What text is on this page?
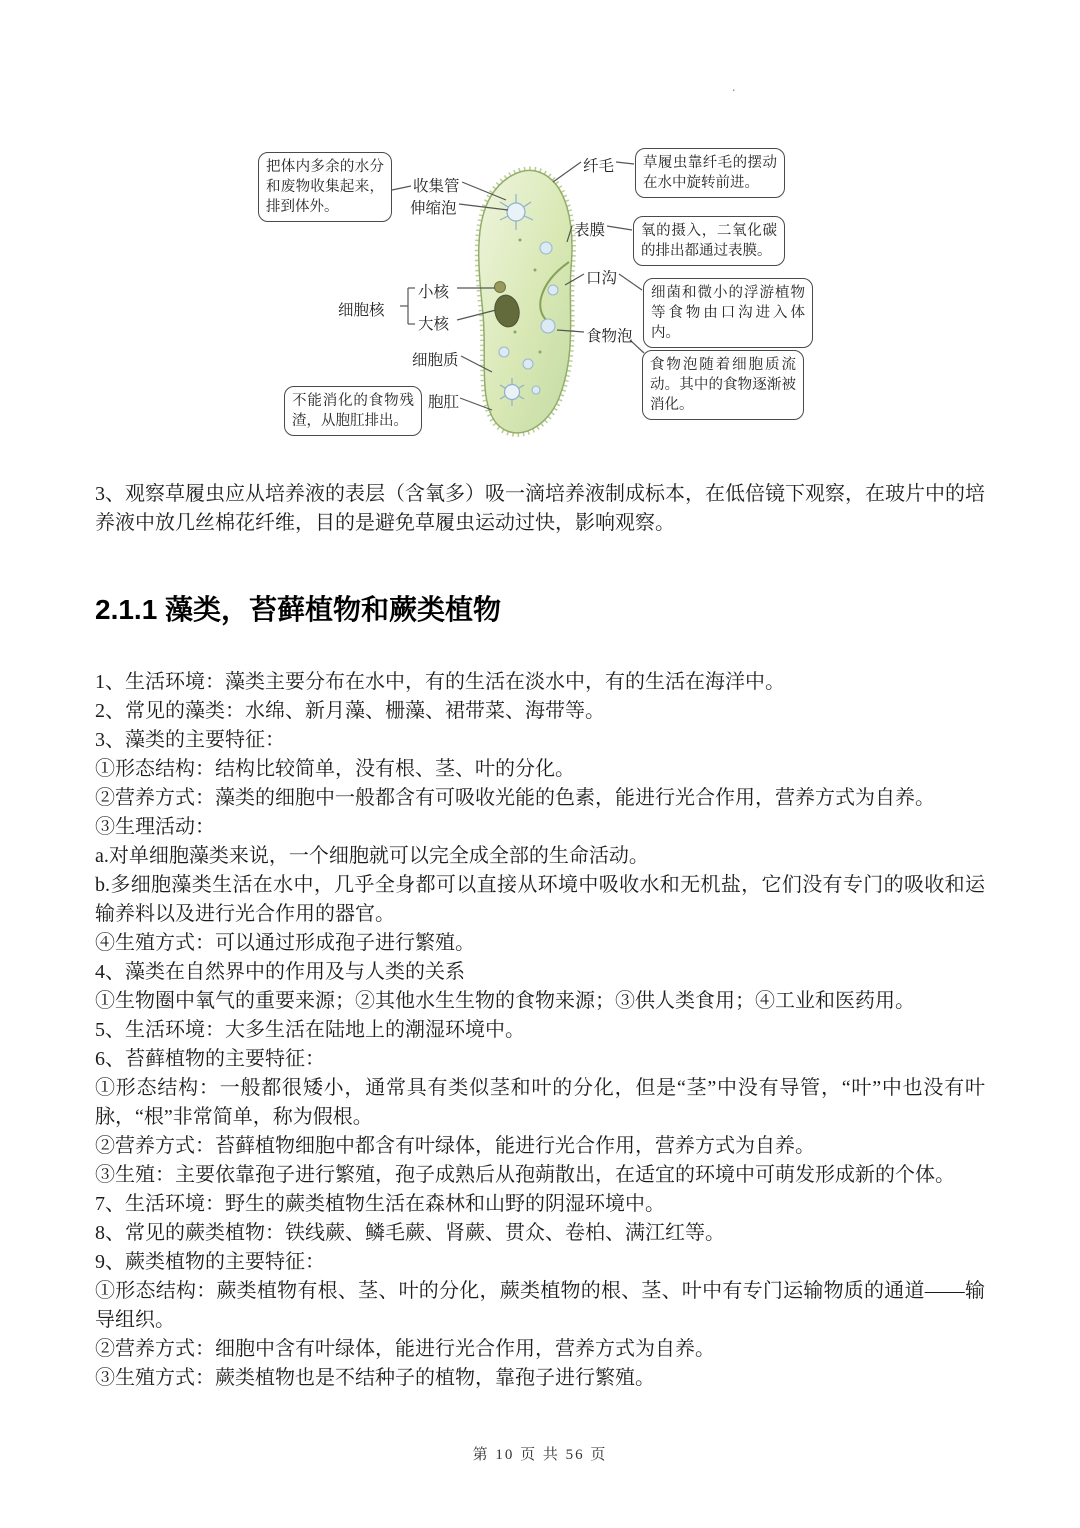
.
把体内多余的水分和废物收集起来，排到体外。
草履虫靠纤毛的摆动在水中旋转前进。
氧的摄入，二氧化碳的排出都通过表膜。
细菌和微小的浮游植物等食物由口沟进入体内。
食物泡随着细胞质流动。其中的食物逐渐被消化。
不能消化的食物残渣，从胞肛排出。
收集管
伸缩泡
纤毛
表膜
口沟
细胞核
小核
大核
食物泡
细胞质
胞肛

3、观察草履虫应从培养液的表层（含氧多）吸一滴培养液制成标本，在低倍镜下观察，在玻片中的培养液中放几丝棉花纤维，目的是避免草履虫运动过快，影响观察。

2.1.1 藻类，苔藓植物和蕨类植物

1、生活环境：藻类主要分布在水中，有的生活在淡水中，有的生活在海洋中。

2、常见的藻类：水绵、新月藻、栅藻、裙带菜、海带等。

3、藻类的主要特征：

①形态结构：结构比较简单，没有根、茎、叶的分化。

②营养方式：藻类的细胞中一般都含有可吸收光能的色素，能进行光合作用，营养方式为自养。

③生理活动：

a.对单细胞藻类来说，一个细胞就可以完全成全部的生命活动。

b.多细胞藻类生活在水中，几乎全身都可以直接从环境中吸收水和无机盐，它们没有专门的吸收和运输养料以及进行光合作用的器官。

④生殖方式：可以通过形成孢子进行繁殖。

4、藻类在自然界中的作用及与人类的关系

①生物圈中氧气的重要来源；②其他水生生物的食物来源；③供人类食用；④工业和医药用。

5、生活环境：大多生活在陆地上的潮湿环境中。

6、苔藓植物的主要特征：

①形态结构：一般都很矮小，通常具有类似茎和叶的分化，但是“茎”中没有导管，“叶”中也没有叶脉，“根”非常简单，称为假根。

②营养方式：苔藓植物细胞中都含有叶绿体，能进行光合作用，营养方式为自养。

③生殖：主要依靠孢子进行繁殖，孢子成熟后从孢蒴散出，在适宜的环境中可萌发形成新的个体。

7、生活环境：野生的蕨类植物生活在森林和山野的阴湿环境中。

8、常见的蕨类植物：铁线蕨、鳞毛蕨、肾蕨、贯众、卷柏、满江红等。

9、蕨类植物的主要特征：

①形态结构：蕨类植物有根、茎、叶的分化，蕨类植物的根、茎、叶中有专门运输物质的通道——输导组织。

②营养方式：细胞中含有叶绿体，能进行光合作用，营养方式为自养。

③生殖方式：蕨类植物也是不结种子的植物，靠孢子进行繁殖。

第 10 页 共 56 页
